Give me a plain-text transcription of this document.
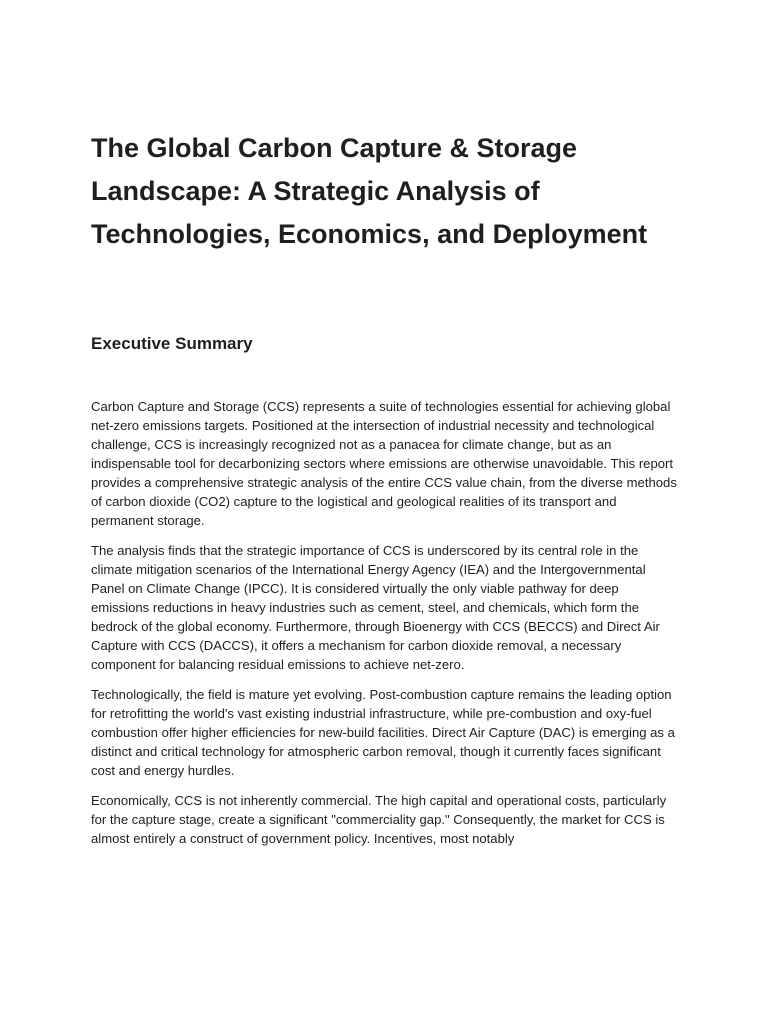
The Global Carbon Capture & Storage Landscape: A Strategic Analysis of Technologies, Economics, and Deployment
Executive Summary

Carbon Capture and Storage (CCS) represents a suite of technologies essential for achieving global net-zero emissions targets. Positioned at the intersection of industrial necessity and technological challenge, CCS is increasingly recognized not as a panacea for climate change, but as an indispensable tool for decarbonizing sectors where emissions are otherwise unavoidable. This report provides a comprehensive strategic analysis of the entire CCS value chain, from the diverse methods of carbon dioxide (CO2) capture to the logistical and geological realities of its transport and permanent storage.

The analysis finds that the strategic importance of CCS is underscored by its central role in the climate mitigation scenarios of the International Energy Agency (IEA) and the Intergovernmental Panel on Climate Change (IPCC). It is considered virtually the only viable pathway for deep emissions reductions in heavy industries such as cement, steel, and chemicals, which form the bedrock of the global economy. Furthermore, through Bioenergy with CCS (BECCS) and Direct Air Capture with CCS (DACCS), it offers a mechanism for carbon dioxide removal, a necessary component for balancing residual emissions to achieve net-zero.

Technologically, the field is mature yet evolving. Post-combustion capture remains the leading option for retrofitting the world's vast existing industrial infrastructure, while pre-combustion and oxy-fuel combustion offer higher efficiencies for new-build facilities. Direct Air Capture (DAC) is emerging as a distinct and critical technology for atmospheric carbon removal, though it currently faces significant cost and energy hurdles.

Economically, CCS is not inherently commercial. The high capital and operational costs, particularly for the capture stage, create a significant "commerciality gap." Consequently, the market for CCS is almost entirely a construct of government policy. Incentives, most notably
